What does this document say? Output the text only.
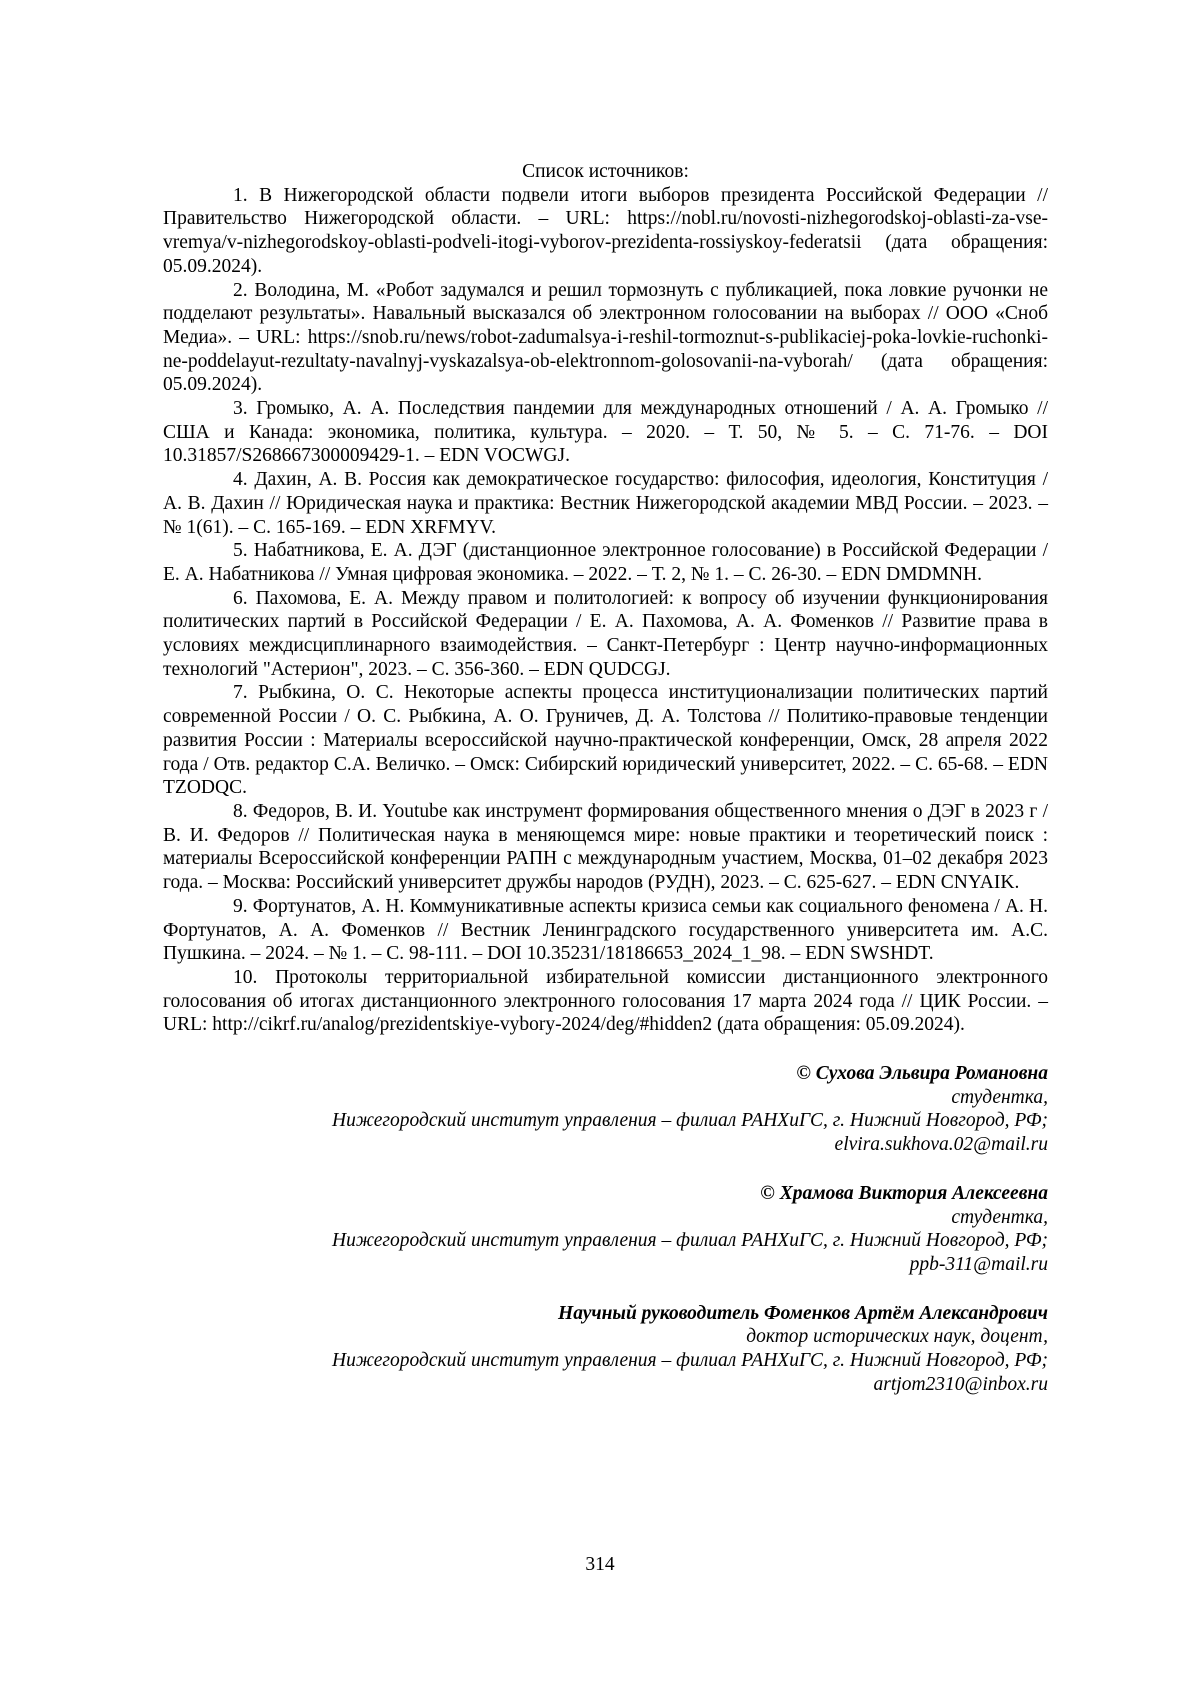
Список источников:

1. В Нижегородской области подвели итоги выборов президента Российской Федерации // Правительство Нижегородской области. – URL: https://nobl.ru/novosti-nizhegorodskoj-oblasti-za-vse-vremya/v-nizhegorodskoy-oblasti-podveli-itogi-vyborov-prezidenta-rossiyskoy-federatsii (дата обращения: 05.09.2024).
2. Володина, М. «Робот задумался и решил тормознуть с публикацией, пока ловкие ручонки не подделают результаты». Навальный высказался об электронном голосовании на выборах // ООО «Сноб Медиа». – URL: https://snob.ru/news/robot-zadumalsya-i-reshil-tormoznut-s-publikaciej-poka-lovkie-ruchonki-ne-poddelayut-rezultaty-navalnyj-vyskazalsya-ob-elektronnom-golosovanii-na-vyborah/ (дата обращения: 05.09.2024).
3. Громыко, А. А. Последствия пандемии для международных отношений / А. А. Громыко // США и Канада: экономика, политика, культура. – 2020. – Т. 50, № 5. – С. 71-76. – DOI 10.31857/S268667300009429-1. – EDN VOCWGJ.
4. Дахин, А. В. Россия как демократическое государство: философия, идеология, Конституция / А. В. Дахин // Юридическая наука и практика: Вестник Нижегородской академии МВД России. – 2023. – № 1(61). – С. 165-169. – EDN XRFMYV.
5. Набатникова, Е. А. ДЭГ (дистанционное электронное голосование) в Российской Федерации / Е. А. Набатникова // Умная цифровая экономика. – 2022. – Т. 2, № 1. – С. 26-30. – EDN DMDMNH.
6. Пахомова, Е. А. Между правом и политологией: к вопросу об изучении функционирования политических партий в Российской Федерации / Е. А. Пахомова, А. А. Фоменков // Развитие права в условиях междисциплинарного взаимодействия. – Санкт-Петербург : Центр научно-информационных технологий "Астерион", 2023. – С. 356-360. – EDN QUDCGJ.
7. Рыбкина, О. С. Некоторые аспекты процесса институционализации политических партий современной России / О. С. Рыбкина, А. О. Груничев, Д. А. Толстова // Политико-правовые тенденции развития России : Материалы всероссийской научно-практической конференции, Омск, 28 апреля 2022 года / Отв. редактор С.А. Величко. – Омск: Сибирский юридический университет, 2022. – С. 65-68. – EDN TZODQC.
8. Федоров, В. И. Youtube как инструмент формирования общественного мнения о ДЭГ в 2023 г / В. И. Федоров // Политическая наука в меняющемся мире: новые практики и теоретический поиск : материалы Всероссийской конференции РАПН с международным участием, Москва, 01–02 декабря 2023 года. – Москва: Российский университет дружбы народов (РУДН), 2023. – С. 625-627. – EDN CNYAIK.
9. Фортунатов, А. Н. Коммуникативные аспекты кризиса семьи как социального феномена / А. Н. Фортунатов, А. А. Фоменков // Вестник Ленинградского государственного университета им. А.С. Пушкина. – 2024. – № 1. – С. 98-111. – DOI 10.35231/18186653_2024_1_98. – EDN SWSHDT.
10. Протоколы территориальной избирательной комиссии дистанционного электронного голосования об итогах дистанционного электронного голосования 17 марта 2024 года // ЦИК России. – URL: http://cikrf.ru/analog/prezidentskiye-vybory-2024/deg/#hidden2 (дата обращения: 05.09.2024).
© Сухова Эльвира Романовна
студентка,
Нижегородский институт управления – филиал РАНХиГС, г. Нижний Новгород, РФ;
elvira.sukhova.02@mail.ru
© Храмова Виктория Алексеевна
студентка,
Нижегородский институт управления – филиал РАНХиГС, г. Нижний Новгород, РФ;
ppb-311@mail.ru
Научный руководитель Фоменков Артём Александрович
доктор исторических наук, доцент,
Нижегородский институт управления – филиал РАНХиГС, г. Нижний Новгород, РФ;
artjom2310@inbox.ru
314
